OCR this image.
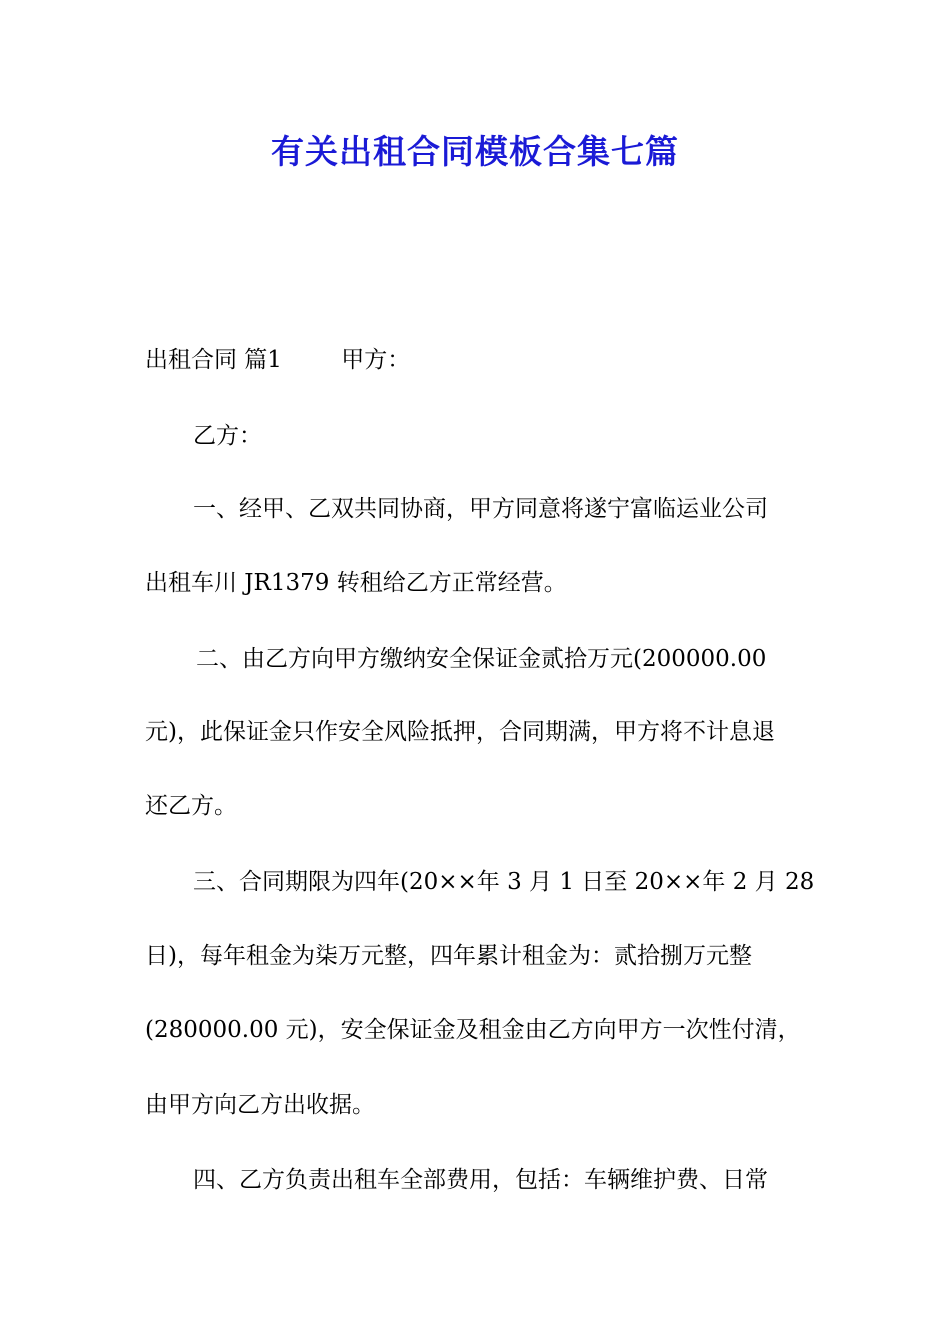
有关出租合同模板合集七篇
出租合同 篇1	甲方：
乙方：
一、经甲、乙双共同协商，甲方同意将遂宁富临运业公司
出租车川 JR1379 转租给乙方正常经营。
二、由乙方向甲方缴纳安全保证金贰拾万元(200000.00
元)，此保证金只作安全风险抵押，合同期满，甲方将不计息退
还乙方。
三、合同期限为四年(20××年 3 月 1 日至 20××年 2 月 28
日)，每年租金为柒万元整，四年累计租金为：贰拾捌万元整
(280000.00 元)，安全保证金及租金由乙方向甲方一次性付清，
由甲方向乙方出收据。
四、乙方负责出租车全部费用，包括：车辆维护费、日常
